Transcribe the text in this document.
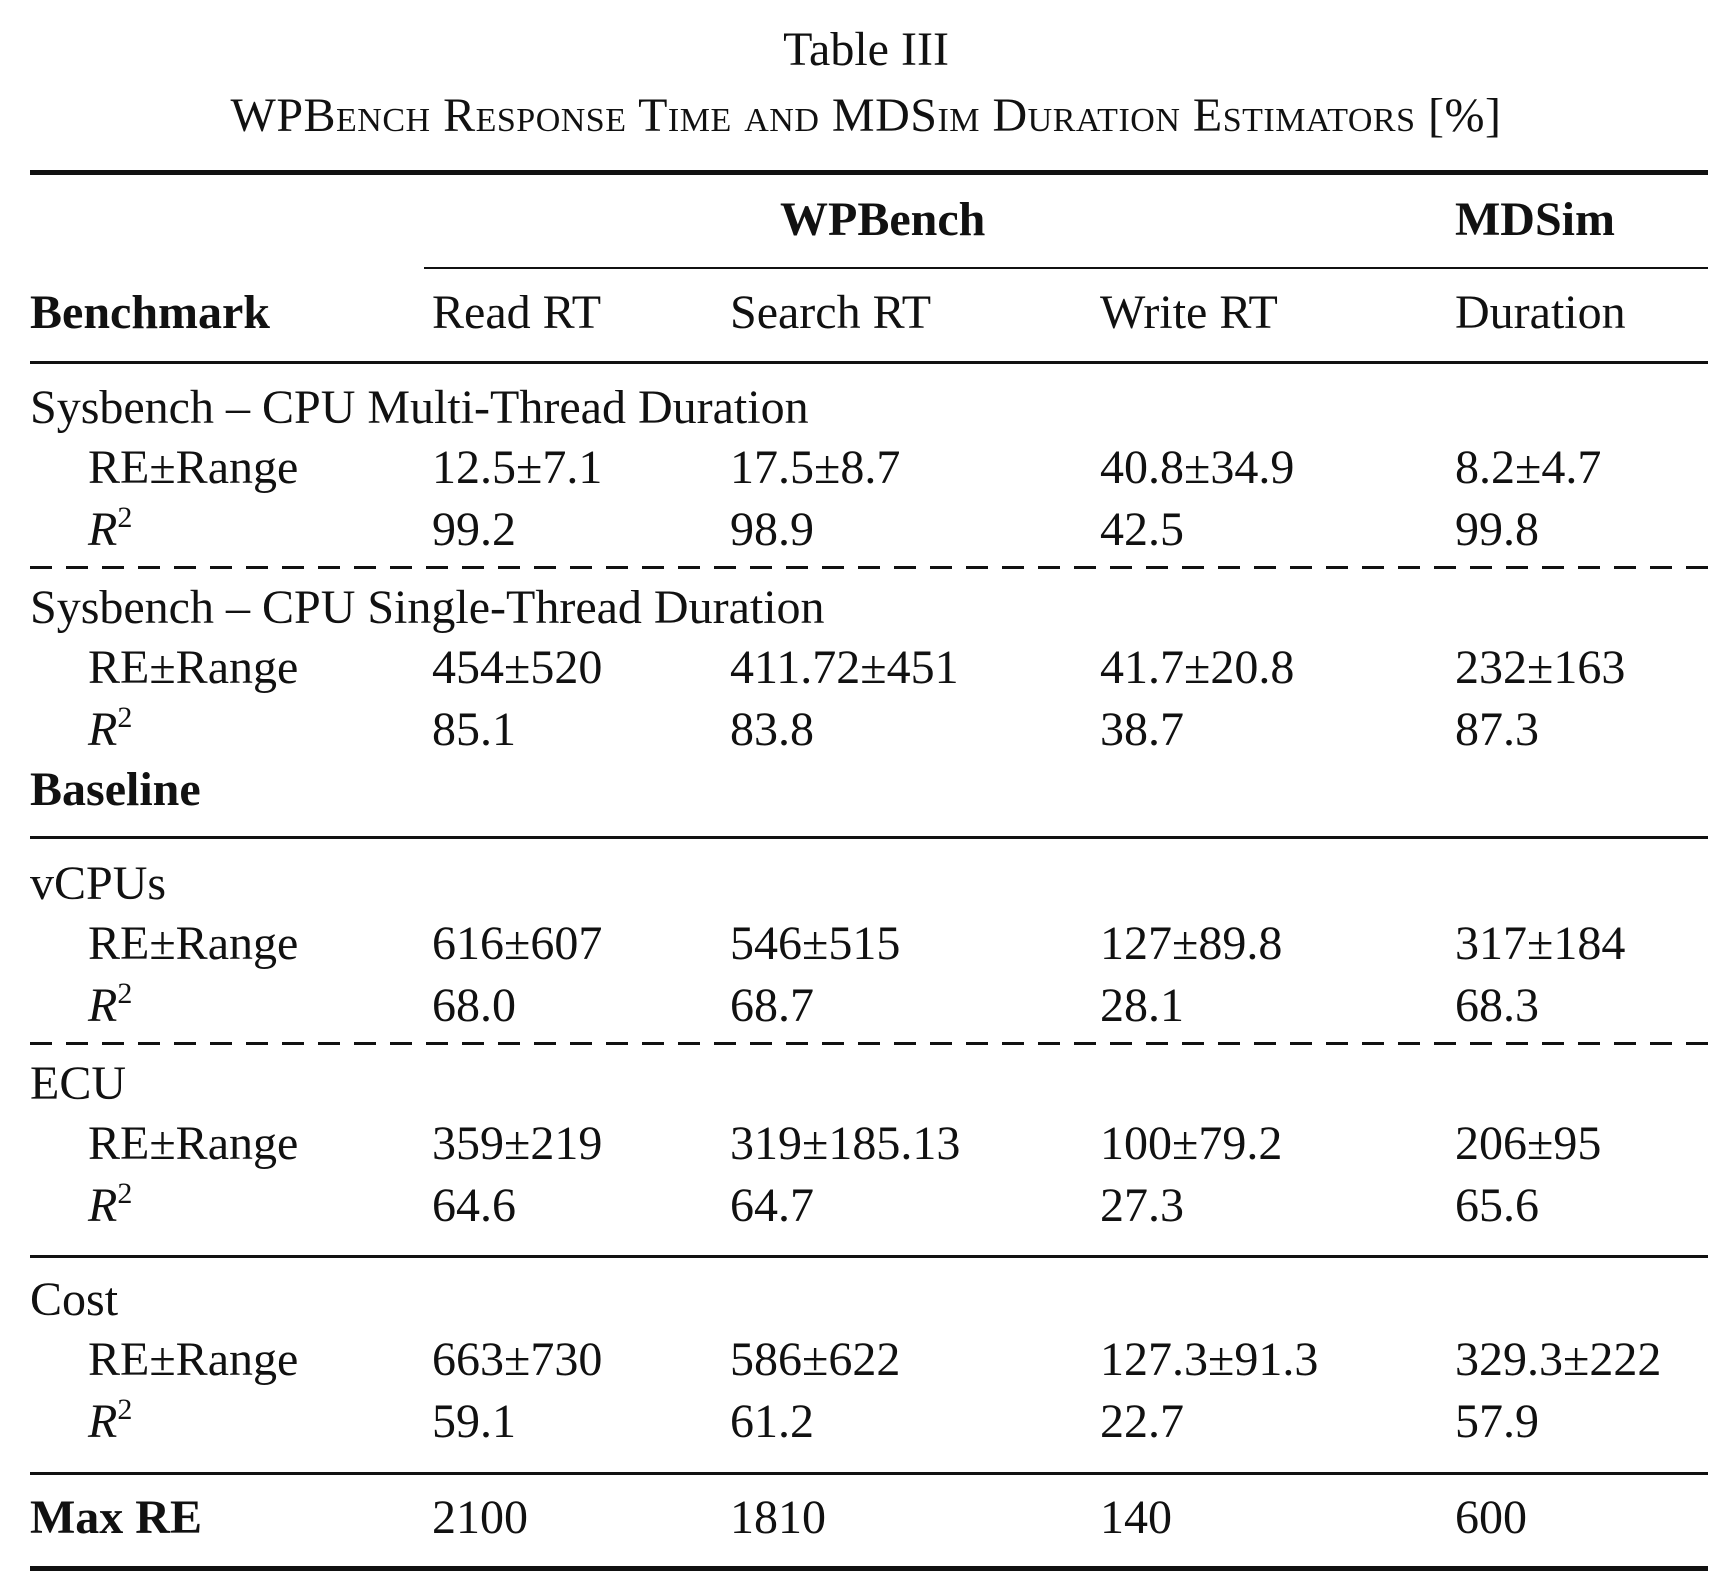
Table III
WPBench Response Time and MDSim Duration Estimators [%]
WPBench	MDSim
Benchmark	Read RT	Search RT	Write RT	Duration
Sysbench – CPU Multi-Thread Duration
RE±Range	12.5±7.1	17.5±8.7	40.8±34.9	8.2±4.7
$R^2$	99.2	98.9	42.5	99.8
Sysbench – CPU Single-Thread Duration
RE±Range	454±520	411.72±451	41.7±20.8	232±163
$R^2$	85.1	83.8	38.7	87.3
Baseline
vCPUs
RE±Range	616±607	546±515	127±89.8	317±184
$R^2$	68.0	68.7	28.1	68.3
ECU
RE±Range	359±219	319±185.13	100±79.2	206±95
$R^2$	64.6	64.7	27.3	65.6
Cost
RE±Range	663±730	586±622	127.3±91.3	329.3±222
$R^2$	59.1	61.2	22.7	57.9
Max RE	2100	1810	140	600
